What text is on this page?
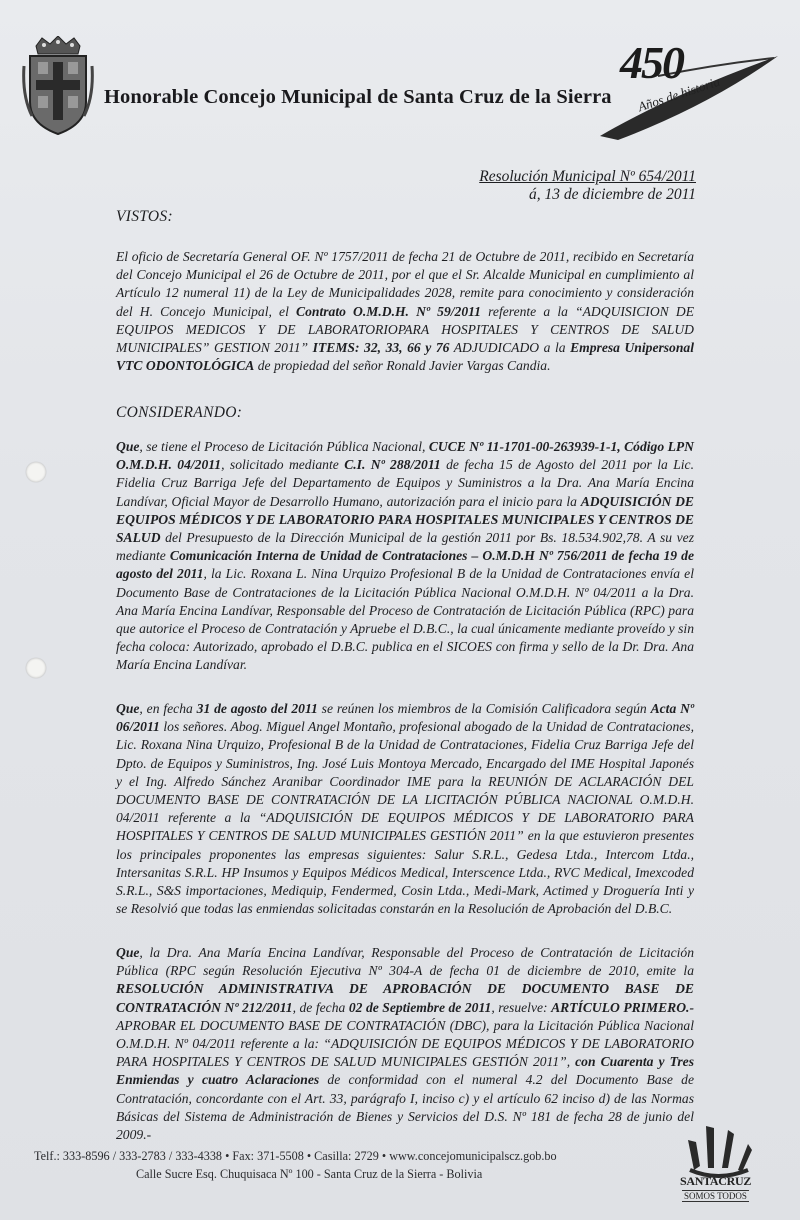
Honorable Concejo Municipal de Santa Cruz de la Sierra
450
Años de historia
Resolución Municipal Nº 654/2011
á, 13 de diciembre de 2011
VISTOS:
El oficio de Secretaría General OF. Nº 1757/2011 de fecha 21 de Octubre de 2011, recibido en Secretaría del Concejo Municipal el 26 de Octubre de 2011, por el que el Sr. Alcalde Municipal en cumplimiento al Artículo 12 numeral 11) de la Ley de Municipalidades 2028, remite para conocimiento y consideración del H. Concejo Municipal, el Contrato O.M.D.H. Nº 59/2011 referente a la “ADQUISICION DE EQUIPOS MEDICOS Y DE LABORATORIOPARA HOSPITALES Y CENTROS DE SALUD MUNICIPALES” GESTION 2011” ITEMS: 32, 33, 66 y 76 ADJUDICADO a la Empresa Unipersonal VTC ODONTOLÓGICA de propiedad del señor Ronald Javier Vargas Candia.
CONSIDERANDO:
Que, se tiene el Proceso de Licitación Pública Nacional, CUCE Nº 11-1701-00-263939-1-1, Código LPN O.M.D.H. 04/2011, solicitado mediante C.I. Nº 288/2011 de fecha 15 de Agosto del 2011 por la Lic. Fidelia Cruz Barriga Jefe del Departamento de Equipos y Suministros a la Dra. Ana María Encina Landívar, Oficial Mayor de Desarrollo Humano, autorización para el inicio para la ADQUISICIÓN DE EQUIPOS MÉDICOS Y DE LABORATORIO PARA HOSPITALES MUNICIPALES Y CENTROS DE SALUD del Presupuesto de la Dirección Municipal de la gestión 2011 por Bs. 18.534.902,78. A su vez mediante Comunicación Interna de Unidad de Contrataciones – O.M.D.H Nº 756/2011 de fecha 19 de agosto del 2011, la Lic. Roxana L. Nina Urquizo Profesional B de la Unidad de Contrataciones envía el Documento Base de Contrataciones de la Licitación Pública Nacional O.M.D.H. Nº 04/2011 a la Dra. Ana María Encina Landívar, Responsable del Proceso de Contratación de Licitación Pública (RPC) para que autorice el Proceso de Contratación y Apruebe el D.B.C., la cual únicamente mediante proveído y sin fecha coloca: Autorizado, aprobado el D.B.C. publica en el SICOES con firma y sello de la Dr. Dra. Ana María Encina Landívar.
Que, en fecha 31 de agosto del 2011 se reúnen los miembros de la Comisión Calificadora según Acta Nº 06/2011 los señores. Abog. Miguel Angel Montaño, profesional abogado de la Unidad de Contrataciones, Lic. Roxana Nina Urquizo, Profesional B de la Unidad de Contrataciones, Fidelia Cruz Barriga Jefe del Dpto. de Equipos y Suministros, Ing. José Luis Montoya Mercado, Encargado del IME Hospital Japonés y el Ing. Alfredo Sánchez Aranibar Coordinador IME para la REUNIÓN DE ACLARACIÓN DEL DOCUMENTO BASE DE CONTRATACIÓN DE LA LICITACIÓN PÚBLICA NACIONAL O.M.D.H. 04/2011 referente a la “ADQUISICIÓN DE EQUIPOS MÉDICOS Y DE LABORATORIO PARA HOSPITALES Y CENTROS DE SALUD MUNICIPALES GESTIÓN 2011” en la que estuvieron presentes los principales proponentes las empresas siguientes: Salur S.R.L., Gedesa Ltda., Intercom Ltda., Intersanitas S.R.L. HP Insumos y Equipos Médicos Medical, Interscence Ltda., RVC Medical, Imexcoded S.R.L., S&S importaciones, Mediquip, Fendermed, Cosin Ltda., Medi-Mark, Actimed y Droguería Inti y se Resolvió que todas las enmiendas solicitadas constarán en la Resolución de Aprobación del D.B.C.
Que, la Dra. Ana María Encina Landívar, Responsable del Proceso de Contratación de Licitación Pública (RPC según Resolución Ejecutiva Nº 304-A de fecha 01 de diciembre de 2010, emite la RESOLUCIÓN ADMINISTRATIVA DE APROBACIÓN DE DOCUMENTO BASE DE CONTRATACIÓN Nº 212/2011, de fecha 02 de Septiembre de 2011, resuelve: ARTÍCULO PRIMERO.- APROBAR EL DOCUMENTO BASE DE CONTRATACIÓN (DBC), para la Licitación Pública Nacional O.M.D.H. Nº 04/2011 referente a la: “ADQUISICIÓN DE EQUIPOS MÉDICOS Y DE LABORATORIO PARA HOSPITALES Y CENTROS DE SALUD MUNICIPALES GESTIÓN 2011”, con Cuarenta y Tres Enmiendas y cuatro Aclaraciones de conformidad con el numeral 4.2 del Documento Base de Contratación, concordante con el Art. 33, parágrafo I, inciso c) y el artículo 62 inciso d) de las Normas Básicas del Sistema de Administración de Bienes y Servicios del D.S. Nº 181 de fecha 28 de junio del 2009.-
Telf.: 333-8596 / 333-2783 / 333-4338 • Fax: 371-5508 • Casilla: 2729 • www.concejomunicipalscz.gob.bo
Calle Sucre Esq. Chuquisaca Nº 100 - Santa Cruz de la Sierra - Bolivia	SANTACRUZ
SOMOS TODOS
